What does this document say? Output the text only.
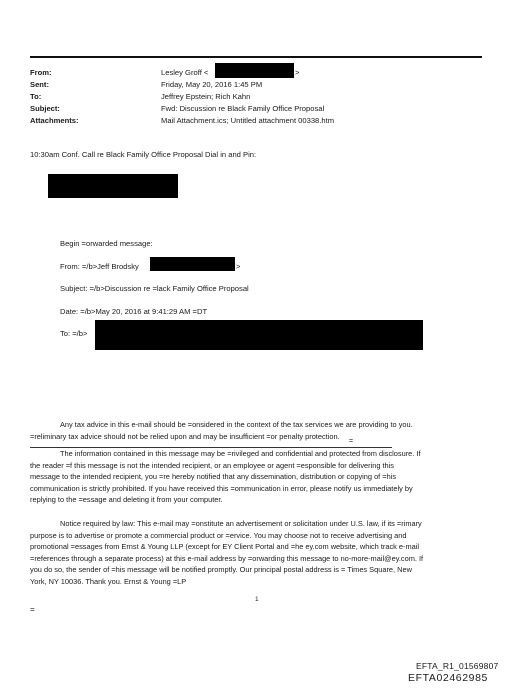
From:
Sent:
To:
Subject:
Attachments:
Lesley Groff <	>
Friday, May 20, 2016 1:45 PM
Jeffrey Epstein; Rich Kahn
Fwd: Discussion re Black Family Office Proposal
Mail Attachment.ics; Untitled attachment 00338.htm
10:30am Conf. Call re Black Family Office Proposal Dial in and Pin:
Begin =orwarded message:
From: =/b>Jeff Brodsky	>
Subject: =/b>Discussion re =lack Family Office Proposal
Date: =/b>May 20, 2016 at 9:41:29 AM =DT
To: =/b>
Any tax advice in this e-mail should be =onsidered in the context of the tax services we are providing to you.
=reliminary tax advice should not be relied upon and may be insufficient =or penalty protection.
=
The information contained in this message may be =rivileged and confidential and protected from disclosure. If
the reader =f this message is not the intended recipient, or an employee or agent =esponsible for delivering this
message to the intended recipient, you =re hereby notified that any dissemination, distribution or copying of =his
communication is strictly prohibited. If you have received this =ommunication in error, please notify us immediately by
replying to the =essage and deleting it from your computer.
Notice required by law: This e-mail may =onstitute an advertisement or solicitation under U.S. law, if its =rimary
purpose is to advertise or promote a commercial product or =ervice. You may choose not to receive advertising and
promotional =essages from Ernst & Young LLP (except for EY Client Portal and =he ey.com website, which track e-mail
=references through a separate process) at this e-mail address by =orwarding this message to no-more-mail@ey.com. If
you do so, the sender of =his message will be notified promptly. Our principal postal address is = Times Square, New
York, NY 10036. Thank you. Ernst & Young =LP
=
1
EFTA_R1_01569807
EFTA02462985
